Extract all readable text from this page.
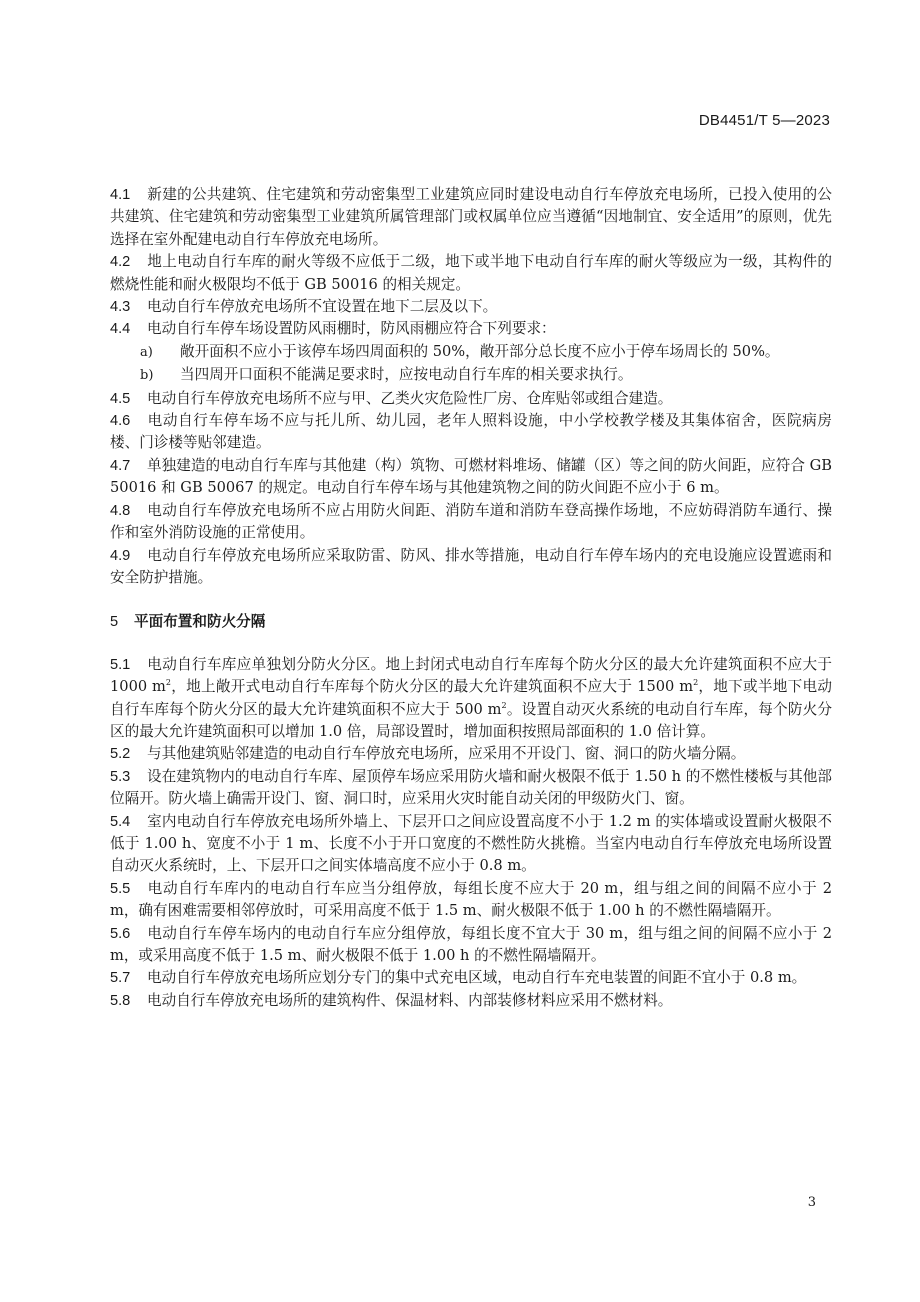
DB4451/T 5—2023

4.1 新建的公共建筑、住宅建筑和劳动密集型工业建筑应同时建设电动自行车停放充电场所，已投入使用的公共建筑、住宅建筑和劳动密集型工业建筑所属管理部门或权属单位应当遵循“因地制宜、安全适用”的原则，优先选择在室外配建电动自行车停放充电场所。

4.2 地上电动自行车库的耐火等级不应低于二级，地下或半地下电动自行车库的耐火等级应为一级，其构件的燃烧性能和耐火极限均不低于 GB 50016 的相关规定。

4.3 电动自行车停放充电场所不宜设置在地下二层及以下。

4.4 电动自行车停车场设置防风雨棚时，防风雨棚应符合下列要求：

a) 敞开面积不应小于该停车场四周面积的 50%，敞开部分总长度不应小于停车场周长的 50%。

b) 当四周开口面积不能满足要求时，应按电动自行车库的相关要求执行。

4.5 电动自行车停放充电场所不应与甲、乙类火灾危险性厂房、仓库贴邻或组合建造。

4.6 电动自行车停车场不应与托儿所、幼儿园，老年人照料设施，中小学校教学楼及其集体宿舍，医院病房楼、门诊楼等贴邻建造。

4.7 单独建造的电动自行车库与其他建（构）筑物、可燃材料堆场、储罐（区）等之间的防火间距，应符合 GB 50016 和 GB 50067 的规定。电动自行车停车场与其他建筑物之间的防火间距不应小于 6 m。

4.8 电动自行车停放充电场所不应占用防火间距、消防车道和消防车登高操作场地，不应妨碍消防车通行、操作和室外消防设施的正常使用。

4.9 电动自行车停放充电场所应采取防雷、防风、排水等措施，电动自行车停车场内的充电设施应设置遮雨和安全防护措施。

5 平面布置和防火分隔

5.1 电动自行车库应单独划分防火分区。地上封闭式电动自行车库每个防火分区的最大允许建筑面积不应大于 1000 $m^2$，地上敞开式电动自行车库每个防火分区的最大允许建筑面积不应大于 1500 $m^2$，地下或半地下电动自行车库每个防火分区的最大允许建筑面积不应大于 500 $m^2$。设置自动灭火系统的电动自行车库，每个防火分区的最大允许建筑面积可以增加 1.0 倍，局部设置时，增加面积按照局部面积的 1.0 倍计算。

5.2 与其他建筑贴邻建造的电动自行车停放充电场所，应采用不开设门、窗、洞口的防火墙分隔。

5.3 设在建筑物内的电动自行车库、屋顶停车场应采用防火墙和耐火极限不低于 1.50 h 的不燃性楼板与其他部位隔开。防火墙上确需开设门、窗、洞口时，应采用火灾时能自动关闭的甲级防火门、窗。

5.4 室内电动自行车停放充电场所外墙上、下层开口之间应设置高度不小于 1.2 m 的实体墙或设置耐火极限不低于 1.00 h、宽度不小于 1 m、长度不小于开口宽度的不燃性防火挑檐。当室内电动自行车停放充电场所设置自动灭火系统时，上、下层开口之间实体墙高度不应小于 0.8 m。

5.5 电动自行车库内的电动自行车应当分组停放，每组长度不应大于 20 m，组与组之间的间隔不应小于 2 m，确有困难需要相邻停放时，可采用高度不低于 1.5 m、耐火极限不低于 1.00 h 的不燃性隔墙隔开。

5.6 电动自行车停车场内的电动自行车应分组停放，每组长度不宜大于 30 m，组与组之间的间隔不应小于 2 m，或采用高度不低于 1.5 m、耐火极限不低于 1.00 h 的不燃性隔墙隔开。

5.7 电动自行车停放充电场所应划分专门的集中式充电区域，电动自行车充电装置的间距不宜小于 0.8 m。

5.8 电动自行车停放充电场所的建筑构件、保温材料、内部装修材料应采用不燃材料。

3
